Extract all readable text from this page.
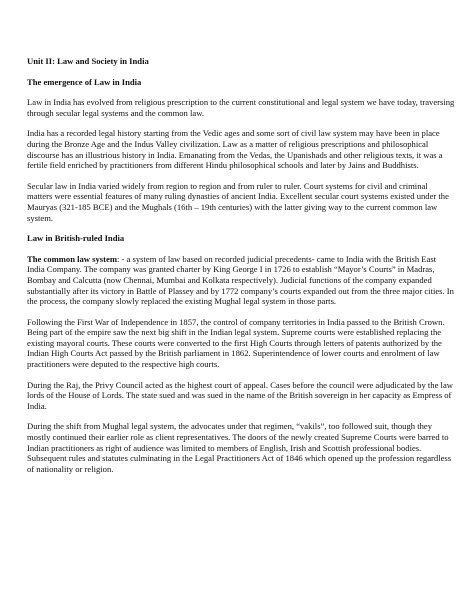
Unit II: Law and Society in India
The emergence of Law in India

Law in India has evolved from religious prescription to the current constitutional and legal system we have today, traversing through secular legal systems and the common law.

India has a recorded legal history starting from the Vedic ages and some sort of civil law system may have been in place during the Bronze Age and the Indus Valley civilization. Law as a matter of religious prescriptions and philosophical discourse has an illustrious history in India. Emanating from the Vedas, the Upanishads and other religious texts, it was a fertile field enriched by practitioners from different Hindu philosophical schools and later by Jains and Buddhists.

Secular law in India varied widely from region to region and from ruler to ruler. Court systems for civil and criminal matters were essential features of many ruling dynasties of ancient India. Excellent secular court systems existed under the Mauryas (321-185 BCE) and the Mughals (16th – 19th centuries) with the latter giving way to the current common law system.

Law in British-ruled India

The common law system: - a system of law based on recorded judicial precedents- came to India with the British East India Company. The company was granted charter by King George I in 1726 to establish “Mayor’s Courts” in Madras, Bombay and Calcutta (now Chennai, Mumbai and Kolkata respectively). Judicial functions of the company expanded substantially after its victory in Battle of Plassey and by 1772 company’s courts expanded out from the three major cities. In the process, the company slowly replaced the existing Mughal legal system in those parts.

Following the First War of Independence in 1857, the control of company territories in India passed to the British Crown. Being part of the empire saw the next big shift in the Indian legal system. Supreme courts were established replacing the existing mayoral courts. These courts were converted to the first High Courts through letters of patents authorized by the Indian High Courts Act passed by the British parliament in 1862. Superintendence of lower courts and enrolment of law practitioners were deputed to the respective high courts.

During the Raj, the Privy Council acted as the highest court of appeal. Cases before the council were adjudicated by the law lords of the House of Lords. The state sued and was sued in the name of the British sovereign in her capacity as Empress of India.

During the shift from Mughal legal system, the advocates under that regimen, “vakils”, too followed suit, though they mostly continued their earlier role as client representatives. The doors of the newly created Supreme Courts were barred to Indian practitioners as right of audience was limited to members of English, Irish and Scottish professional bodies. Subsequent rules and statutes culminating in the Legal Practitioners Act of 1846 which opened up the profession regardless of nationality or religion.
